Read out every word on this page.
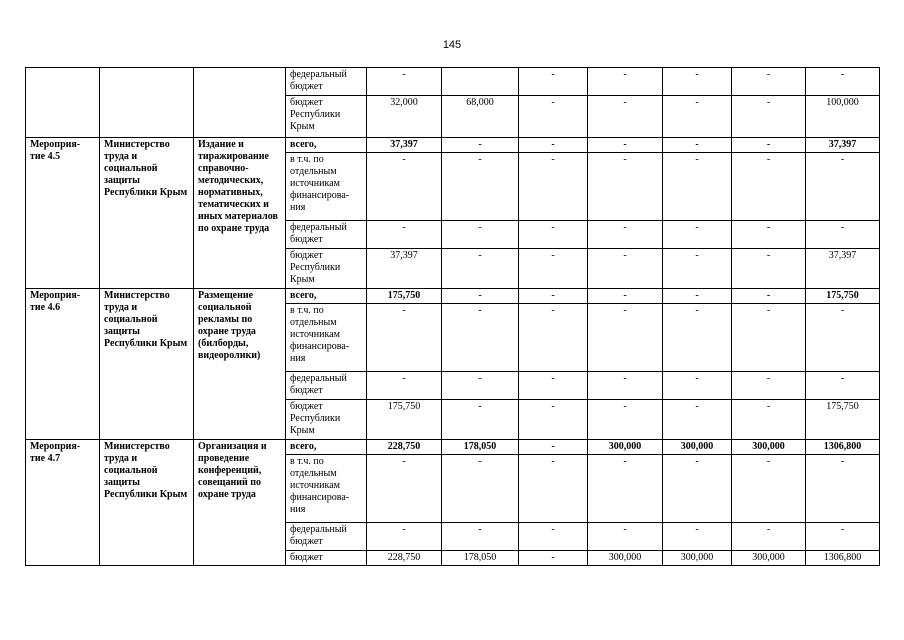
145
			федеральный бюджет	-		-	-	-	-	-
			бюджет Республики Крым	32,000	68,000	-	-	-	-	100,000
Мероприя-тие 4.5	Министерство труда и социальной защиты Республики Крым	Издание и тиражирование справочно-методических, нормативных, тематических и иных материалов по охране труда	всего,	37,397	-	-	-	-	-	37,397
			в т.ч. по отдельным источникам финансирова-ния	-	-	-	-	-	-	-
			федеральный бюджет	-	-	-	-	-	-	-
			бюджет Республики Крым	37,397	-	-	-	-	-	37,397
Мероприя-тие 4.6	Министерство труда и социальной защиты Республики Крым	Размещение социальной рекламы по охране труда (билборды, видеоролики)	всего,	175,750	-	-	-	-	-	175,750
			в т.ч. по отдельным источникам финансирова-ния	-	-	-	-	-	-	-
			федеральный бюджет	-	-	-	-	-	-	-
			бюджет Республики Крым	175,750	-	-	-	-	-	175,750
Мероприя-тие 4.7	Министерство труда и социальной защиты Республики Крым	Организация и проведение конференций, совещаний по охране труда	всего,	228,750	178,050	-	300,000	300,000	300,000	1306,800
			в т.ч. по отдельным источникам финансирова-ния	-	-	-	-	-	-	-
			федеральный бюджет	-	-	-	-	-	-	-
			бюджет	228,750	178,050	-	300,000	300,000	300,000	1306,800
